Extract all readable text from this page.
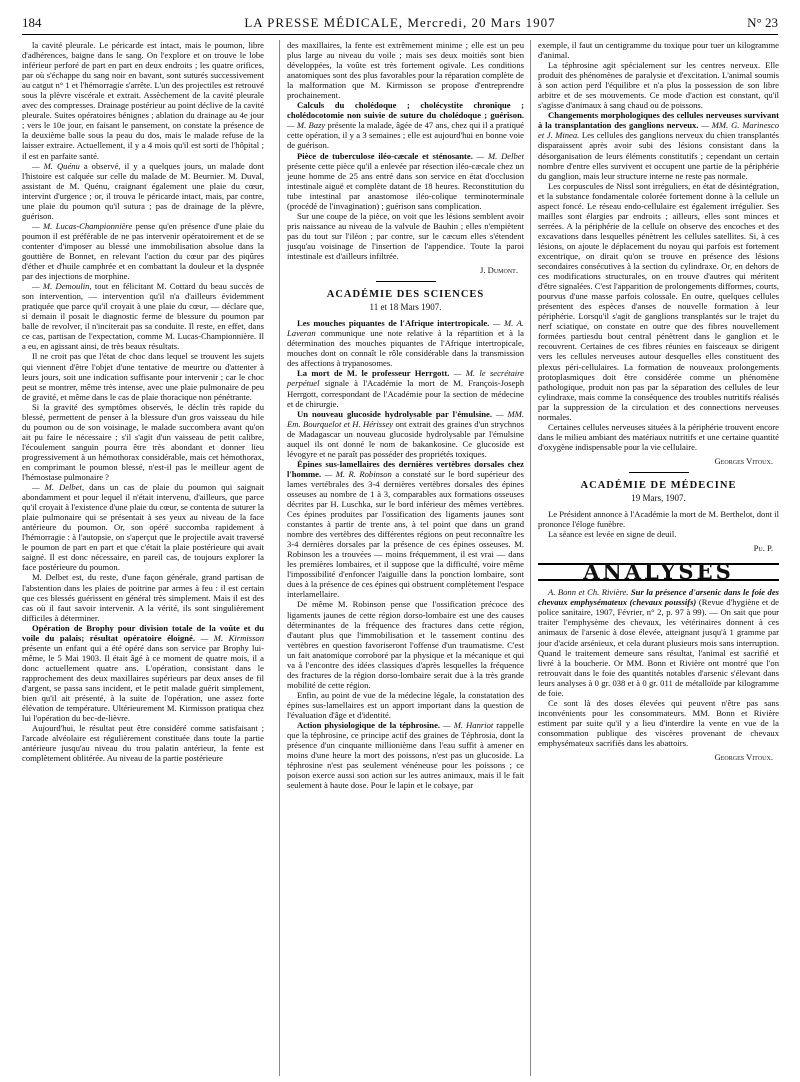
184	LA PRESSE MÉDICALE, Mercredi, 20 Mars 1907	N° 23

la cavité pleurale. Le péricarde est intact, mais le poumon, libre d'adhérences, baigne dans le sang. On l'explore et on trouve le lobe inférieur perforé de part en part en deux endroits ; les quatre orifices, par où s'échappe du sang noir en bavant, sont suturés successivement au catgut n° 1 et l'hémorragie s'arrête. L'un des projectiles est retrouvé sous la plèvre viscérale et extrait. Assèchement de la cavité pleurale avec des compresses. Drainage postérieur au point déclive de la cavité pleurale. Suites opératoires bénignes ; ablation du drainage au 4e jour ; vers le 10e jour, en faisant le pansement, on constate la présence de la deuxième balle sous la peau du dos, mais le malade refuse de la laisser extraire. Actuellement, il y a 4 mois qu'il est sorti de l'hôpital ; il est en parfaite santé.

— M. Quénu a observé, il y a quelques jours, un malade dont l'histoire est calquée sur celle du malade de M. Beurnier. M. Duval, assistant de M. Quénu, craignant également une plaie du cœur, intervint d'urgence ; or, il trouva le péricarde intact, mais, par contre, une plaie du poumon qu'il sutura ; pas de drainage de la plèvre, guérison.

— M. Lucas-Championnière pense qu'en présence d'une plaie du poumon il est préférable de ne pas intervenir opératoirement et de se contenter d'imposer au blessé une immobilisation absolue dans la gouttière de Bonnet, en relevant l'action du cœur par des piqûres d'éther et d'huile camphrée et en combattant la douleur et la dyspnée par des injections de morphine.

— M. Demoulin, tout en félicitant M. Cottard du beau succès de son intervention, — intervention qu'il n'a d'ailleurs évidemment pratiquée que parce qu'il croyait à une plaie du cœur, — déclare que, si demain il posait le diagnostic ferme de blessure du poumon par balle de revolver, il n'inciterait pas sa conduite. Il reste, en effet, dans ce cas, partisan de l'expectation, comme M. Lucas-Championnière. Il a eu, en agissant ainsi, de très beaux résultats.

Il ne croit pas que l'état de choc dans lequel se trouvent les sujets qui viennent d'être l'objet d'une tentative de meurtre ou d'attenter à leurs jours, soit une indication suffisante pour intervenir ; car le choc peut se montrer, même très intense, avec une plaie pulmonaire de peu de gravité, et même dans le cas de plaie thoracique non pénétrante.

Si la gravité des symptômes observés, le déclin très rapide du blessé, permettent de penser à la blessure d'un gros vaisseau du hile du poumon ou de son voisinage, le malade succombera avant qu'on ait pu faire le nécessaire ; s'il s'agit d'un vaisseau de petit calibre, l'écoulement sanguin pourra être très abondant et donner lieu progressivement à un hémothorax considérable, mais cet hémothorax, en comprimant le poumon blessé, n'est-il pas le meilleur agent de l'hémostase pulmonaire ?

— M. Delbet, dans un cas de plaie du poumon qui saignait abondamment et pour lequel il n'était intervenu, d'ailleurs, que parce qu'il croyait à l'existence d'une plaie du cœur, se contenta de suturer la plaie pulmonaire qui se présentait à ses yeux au niveau de la face antérieure du poumon. Or, son opéré succomba rapidement à l'hémorragie : à l'autopsie, on s'aperçut que le projectile avait traversé le poumon de part en part et que c'était la plaie postérieure qui avait saigné. Il est donc nécessaire, en pareil cas, de toujours explorer la face postérieure du poumon.

M. Delbet est, du reste, d'une façon générale, grand partisan de l'abstention dans les plaies de poitrine par armes à feu : il est certain que ces blessés guérissent en général très simplement. Mais il est des cas où il faut savoir intervenir. A la vérité, ils sont singulièrement difficiles à déterminer.

Opération de Brophy pour division totale de la voûte et du voile du palais; résultat opératoire éloigné. — M. Kirmisson présente un enfant qui a été opéré dans son service par Brophy lui-même, le 5 Mai 1903. Il était âgé à ce moment de quatre mois, il a donc actuellement quatre ans. L'opération, consistant dans le rapprochement des deux maxillaires supérieurs par deux anses de fil d'argent, se passa sans incident, et le petit malade guérit simplement, bien qu'il ait présenté, à la suite de l'opération, une assez forte élévation de température. Ultérieurement M. Kirmisson pratiqua chez lui l'opération du bec-de-lièvre.

Aujourd'hui, le résultat peut être considéré comme satisfaisant ; l'arcade alvéolaire est régulièrement constituée dans toute la partie antérieure jusqu'au niveau du trou palatin antérieur, la fente est complètement oblitérée. Au niveau de la partie postérieure

des maxillaires, la fente est extrêmement minime ; elle est un peu plus large au niveau du voile ; mais ses deux moitiés sont bien développées, la voûte est très fortement ogivale. Les conditions anatomiques sont des plus favorables pour la réparation complète de la malformation que M. Kirmisson se propose d'entreprendre prochainement.

Calculs du cholédoque ; cholécystite chronique ; cholédocotomie non suivie de suture du cholédoque ; guérison. — M. Bazy présente la malade, âgée de 47 ans, chez qui il a pratiqué cette opération, il y a 3 semaines ; elle est aujourd'hui en bonne voie de guérison.

Pièce de tuberculose iléo-cæcale et sténosante. — M. Delbet présente cette pièce qu'il a enlevée par résection iléo-cæcale chez un jeune homme de 25 ans entré dans son service en état d'occlusion intestinale aiguë et complète datant de 18 heures. Reconstitution du tube intestinal par anastomose iléo-colique terminoterminale (procédé de l'invagination) ; guérison sans complication.

Sur une coupe de la pièce, on voit que les lésions semblent avoir pris naissance au niveau de la valvule de Bauhin ; elles n'empiètent pas du tout sur l'iléon ; par contre, sur le cæcum elles s'étendent jusqu'au voisinage de l'insertion de l'appendice. Toute la paroi intestinale est d'ailleurs infiltrée.

J. Dumont.

ACADÉMIE DES SCIENCES

11 et 18 Mars 1907.

Les mouches piquantes de l'Afrique intertropicale. — M. A. Laveran communique une note relative à la répartition et à la détermination des mouches piquantes de l'Afrique intertropicale, mouches dont on connaît le rôle considérable dans la transmission des affections à trypanosomes.

La mort de M. le professeur Herrgott. — M. le secrétaire perpétuel signale à l'Académie la mort de M. François-Joseph Herrgott, correspondant de l'Académie pour la section de médecine et de chirurgie.

Un nouveau glucoside hydrolysable par l'émulsine. — MM. Em. Bourquelot et H. Hérissey ont extrait des graines d'un strychnos de Madagascar un nouveau glucoside hydrolysable par l'émulsine auquel ils ont donné le nom de bakankosine. Ce glucoside est lévogyre et ne paraît pas posséder des propriétés toxiques.

Épines sus-lamellaires des dernières vertèbres dorsales chez l'homme. — M. R. Robinson a constaté sur le bord supérieur des lames vertébrales des 3-4 dernières vertèbres dorsales des épines osseuses au nombre de 1 à 3, comparables aux formations osseuses décrites par H. Luschka, sur le bord inférieur des mêmes vertèbres. Ces épines produites par l'ossification des ligaments jaunes sont constantes à partir de trente ans, à tel point que dans un grand nombre des vertèbres des différentes régions on peut reconnaître les 3-4 dernières dorsales par la présence de ces épines osseuses. M. Robinson les a trouvées — moins fréquemment, il est vrai — dans les premières lombaires, et il suppose que la difficulté, voire même l'impossibilité d'enfoncer l'aiguille dans la ponction lombaire, sont dues à la présence de ces épines qui obstruent complètement l'espace interlamellaire.

De même M. Robinson pense que l'ossification précoce des ligaments jaunes de cette région dorso-lombaire est une des causes déterminantes de la fréquence des fractures dans cette région, d'autant plus que l'immobilisation et le tassement continu des vertèbres en question favoriseront l'offense d'un traumatisme. C'est un fait anatomique corroboré par la physique et la mécanique et qui va à l'encontre des idées classiques d'après lesquelles la fréquence des fractures de la région dorso-lombaire serait due à la très grande mobilité de cette région.

Enfin, au point de vue de la médecine légale, la constatation des épines sus-lamellaires est un apport important dans la question de l'évaluation d'âge et d'identité.

Action physiologique de la téphrosine. — M. Hanriot rappelle que la téphrosine, ce principe actif des graines de Téphrosia, dont la présence d'un cinquante millionième dans l'eau suffit à amener en moins d'une heure la mort des poissons, n'est pas un glucoside. La téphrosine n'est pas seulement vénéneuse pour les poissons ; ce poison exerce aussi son action sur les autres animaux, mais il le fait seulement à haute dose. Pour le lapin et le cobaye, par

exemple, il faut un centigramme du toxique pour tuer un kilogramme d'animal.

La téphrosine agit spécialement sur les centres nerveux. Elle produit des phénomènes de paralysie et d'excitation. L'animal soumis à son action perd l'équilibre et n'a plus la possession de son libre arbitre et de ses mouvements. Ce mode d'action est constant, qu'il s'agisse d'animaux à sang chaud ou de poissons.

Changements morphologiques des cellules nerveuses survivant à la transplantation des ganglions nerveux. — MM. G. Marinesco et J. Minea. Les cellules des ganglions nerveux du chien transplantés disparaissent après avoir subi des lésions consistant dans la désorganisation de leurs éléments constitutifs ; cependant un certain nombre d'entre elles survivent et occupent une partie de la périphérie du ganglion, mais leur structure interne ne reste pas normale.

Les corpuscules de Nissl sont irréguliers, en état de désintégration, et la substance fondamentale colorée fortement donne à la cellule un aspect foncé. Le réseau endo-cellulaire est également irrégulier. Ses mailles sont élargies par endroits ; ailleurs, elles sont minces et serrées. A la périphérie de la cellule on observe des encoches et des excavations dans lesquelles pénètrent les cellules satellites. Si, à ces lésions, on ajoute le déplacement du noyau qui parfois est fortement excentrique, on dirait qu'on se trouve en présence des lésions secondaires consécutives à la section du cylindraxe. Or, en dehors de ces modifications structurales, on en trouve d'autres qui méritent d'être signalées. C'est l'apparition de prolongements difformes, courts, pourvus d'une masse parfois colossale. En outre, quelques cellules présentent des espèces d'anses de nouvelle formation à leur périphérie. Lorsqu'il s'agit de ganglions transplantés sur le trajet du nerf sciatique, on constate en outre que des fibres nouvellement formées partiesdu bout central pénètrent dans le ganglion et le recouvrent. Certaines de ces fibres réunies en faisceaux se dirigent vers les cellules nerveuses autour desquelles elles constituent des plexus péri-cellulaires. La formation de nouveaux prolongements protoplasmiques doit être considérée comme un phénomène pathologique, produit non pas par la séparation des cellules de leur cylindraxe, mais comme la conséquence des troubles nutritifs réalisés par la suppression de la circulation et des connections nerveuses normales.

Certaines cellules nerveuses situées à la périphérie trouvent encore dans le milieu ambiant des matériaux nutritifs et une certaine quantité d'oxygène indispensable pour la vie cellulaire.

Georges Vitoux.

ACADÉMIE DE MÉDECINE

19 Mars, 1907.

Le Président annonce à l'Académie la mort de M. Berthelot, dont il prononce l'éloge funèbre.

La séance est levée en signe de deuil.

Pu. P.

ANALYSES

A. Bonn et Ch. Rivière. Sur la présence d'arsenic dans le foie des chevaux emphysémateux (chevaux poussifs) (Revue d'hygiène et de police sanitaire, 1907, Février, n° 2, p. 97 à 99). — On sait que pour traiter l'emphysème des chevaux, les vétérinaires donnent à ces animaux de l'arsenic à dose élevée, atteignant jusqu'à 1 gramme par jour d'acide arsénieux, et cela durant plusieurs mois sans interruption. Quand le traitement demeure sans résultat, l'animal est sacrifié et livré à la boucherie. Or MM. Bonn et Rivière ont montré que l'on retrouvait dans le foie des quantités notables d'arsenic s'élevant dans leurs analyses à 0 gr. 038 et à 0 gr. 011 de métalloïde par kilogramme de foie.

Ce sont là des doses élevées qui peuvent n'être pas sans inconvénients pour les consommateurs. MM. Bonn et Rivière estiment par suite qu'il y a lieu d'interdire la vente en vue de la consommation publique des viscères provenant de chevaux emphysémateux sacrifiés dans les abattoirs.

Georges Vitoux.
